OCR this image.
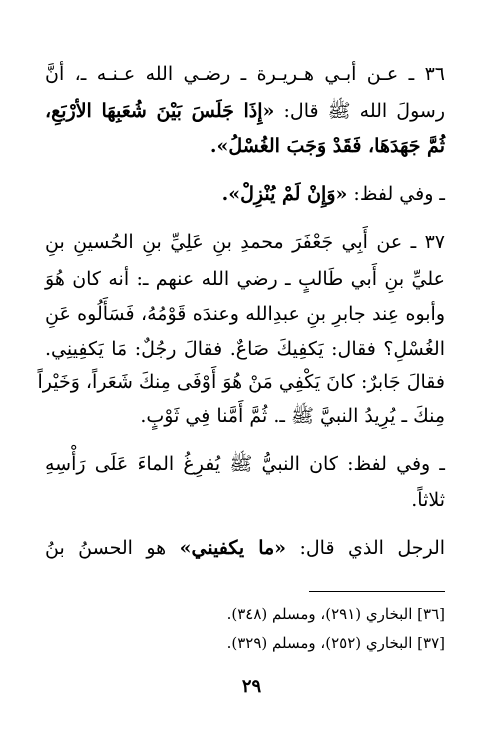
٣٦ ـ عـن أبـي هـريـرة ـ رضـي الله عـنـه ـ، أنَّ
رسولَ الله ﷺ قال: «إِذَا جَلَسَ بَيْنَ شُعَبِهَا الأرْبَعِ،
ثُمَّ جَهَدَهَا، فَقَدْ وَجَبَ الغُسْلُ».
ـ وفي لفظ: «وَإِنْ لَمْ يُنْزِلْ».
٣٧ ـ عن أَبِي جَعْفَرَ محمدِ بنِ عَلِيِّ بنِ الحُسينِ بنِ
عليِّ بنِ أَبي طَالبٍ ـ رضي الله عنهم ـ: أنه كان هُوَ
وأبوه عِند جابرِ بنِ عبدِالله وعندَه قَوْمُهُ، فَسَأَلُوه عَنِ
الغُسْلِ؟ فقال: يَكفِيكَ صَاعٌ. فقالَ رجُلٌ: مَا يَكفِينِي.
فقالَ جَابرٌ: كانَ يَكْفِي مَنْ هُوَ أَوْفَى مِنكَ شَعَراً، وَخَيْراً
مِنكَ ـ يُرِيدُ النبيَّ ﷺ ـ. ثُمَّ أَمَّنا فِي ثَوْبٍ.
ـ وفي لفظ: كان النبيُّ ﷺ يُفرِغُ الماءَ عَلَى رَأْسِهِ
ثلاثاً.
الرجل الذي قال: «ما يكفيني» هو الحسنُ بنُ
[٣٦] البخاري (٢٩١)، ومسلم (٣٤٨).
[٣٧] البخاري (٢٥٢)، ومسلم (٣٢٩).
٢٩
